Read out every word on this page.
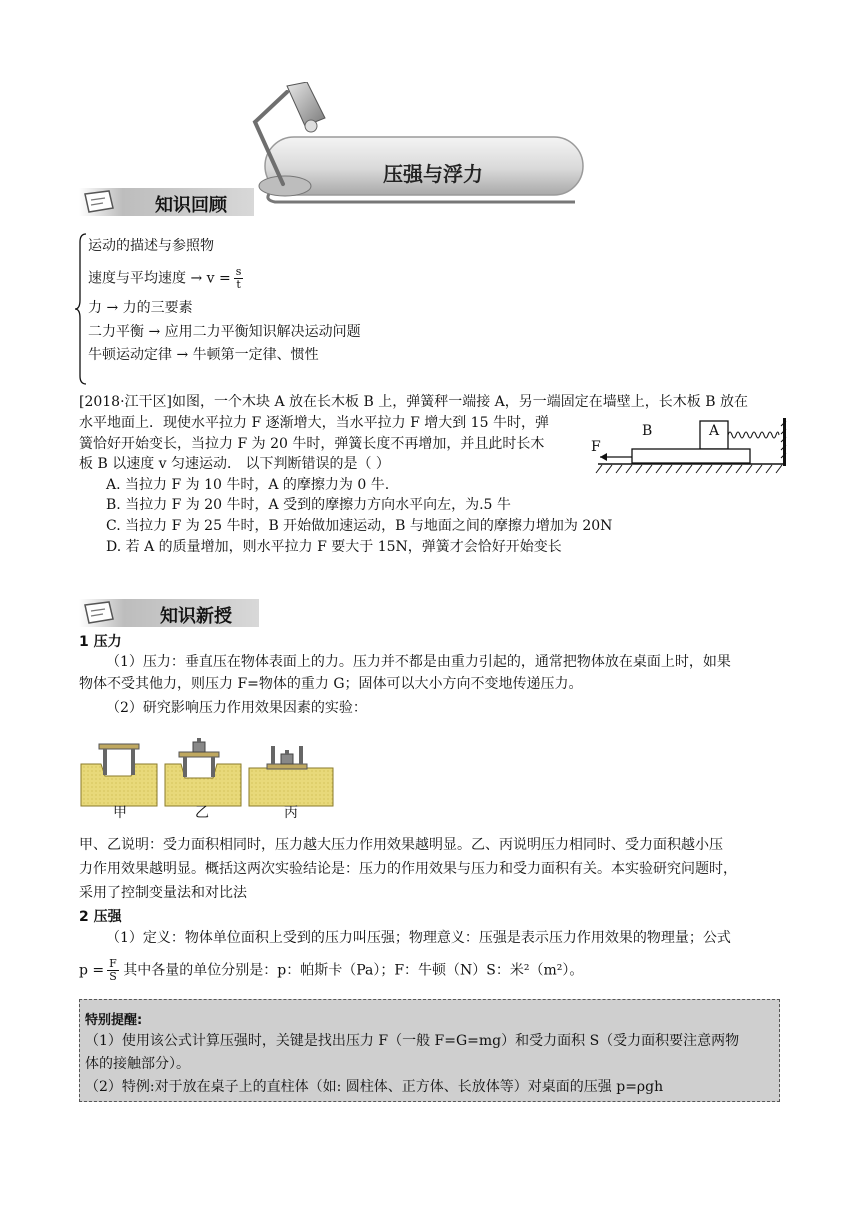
压强与浮力
知识回顾
运动的描述与参照物
速度与平均速度 → $v = \frac{s}{t}$
力 → 力的三要素
二力平衡 → 应用二力平衡知识解决运动问题
牛顿运动定律 → 牛顿第一定律、惯性
[2018·江干区]如图，一个木块 A 放在长木板 B 上，弹簧秤一端接 A，另一端固定在墙壁上，长木板 B 放在
水平地面上．现使水平拉力 F 逐渐增大，当水平拉力 F 增大到 15 牛时，弹
簧恰好开始变长，当拉力 F 为 20 牛时，弹簧长度不再增加，并且此时长木
板 B 以速度 v 匀速运动． 以下判断错误的是（ ）
B	A
F
A. 当拉力 F 为 10 牛时，A 的摩擦力为 0 牛.
B. 当拉力 F 为 20 牛时，A 受到的摩擦力方向水平向左，为.5 牛
C. 当拉力 F 为 25 牛时，B 开始做加速运动，B 与地面之间的摩擦力增加为 20N
D. 若 A 的质量增加，则水平拉力 F 要大于 15N，弹簧才会恰好开始变长
知识新授
1 压力
（1）压力：垂直压在物体表面上的力。压力并不都是由重力引起的，通常把物体放在桌面上时，如果
物体不受其他力，则压力 F=物体的重力 G；固体可以大小方向不变地传递压力。
（2）研究影响压力作用效果因素的实验：
甲	乙	丙
甲、乙说明：受力面积相同时，压力越大压力作用效果越明显。乙、丙说明压力相同时、受力面积越小压
力作用效果越明显。概括这两次实验结论是：压力的作用效果与压力和受力面积有关。本实验研究问题时，
采用了控制变量法和对比法
2 压强
（1）定义：物体单位面积上受到的压力叫压强；物理意义：压强是表示压力作用效果的物理量；公式
$p = \frac{F}{S}$ 其中各量的单位分别是：p：帕斯卡（Pa）；F：牛顿（N）S：米²（m²）。
特别提醒:
（1）使用该公式计算压强时，关键是找出压力 F（一般 F=G=mg）和受力面积 S（受力面积要注意两物
体的接触部分）。
（2）特例:对于放在桌子上的直柱体（如: 圆柱体、正方体、长放体等）对桌面的压强 p=ρgh
